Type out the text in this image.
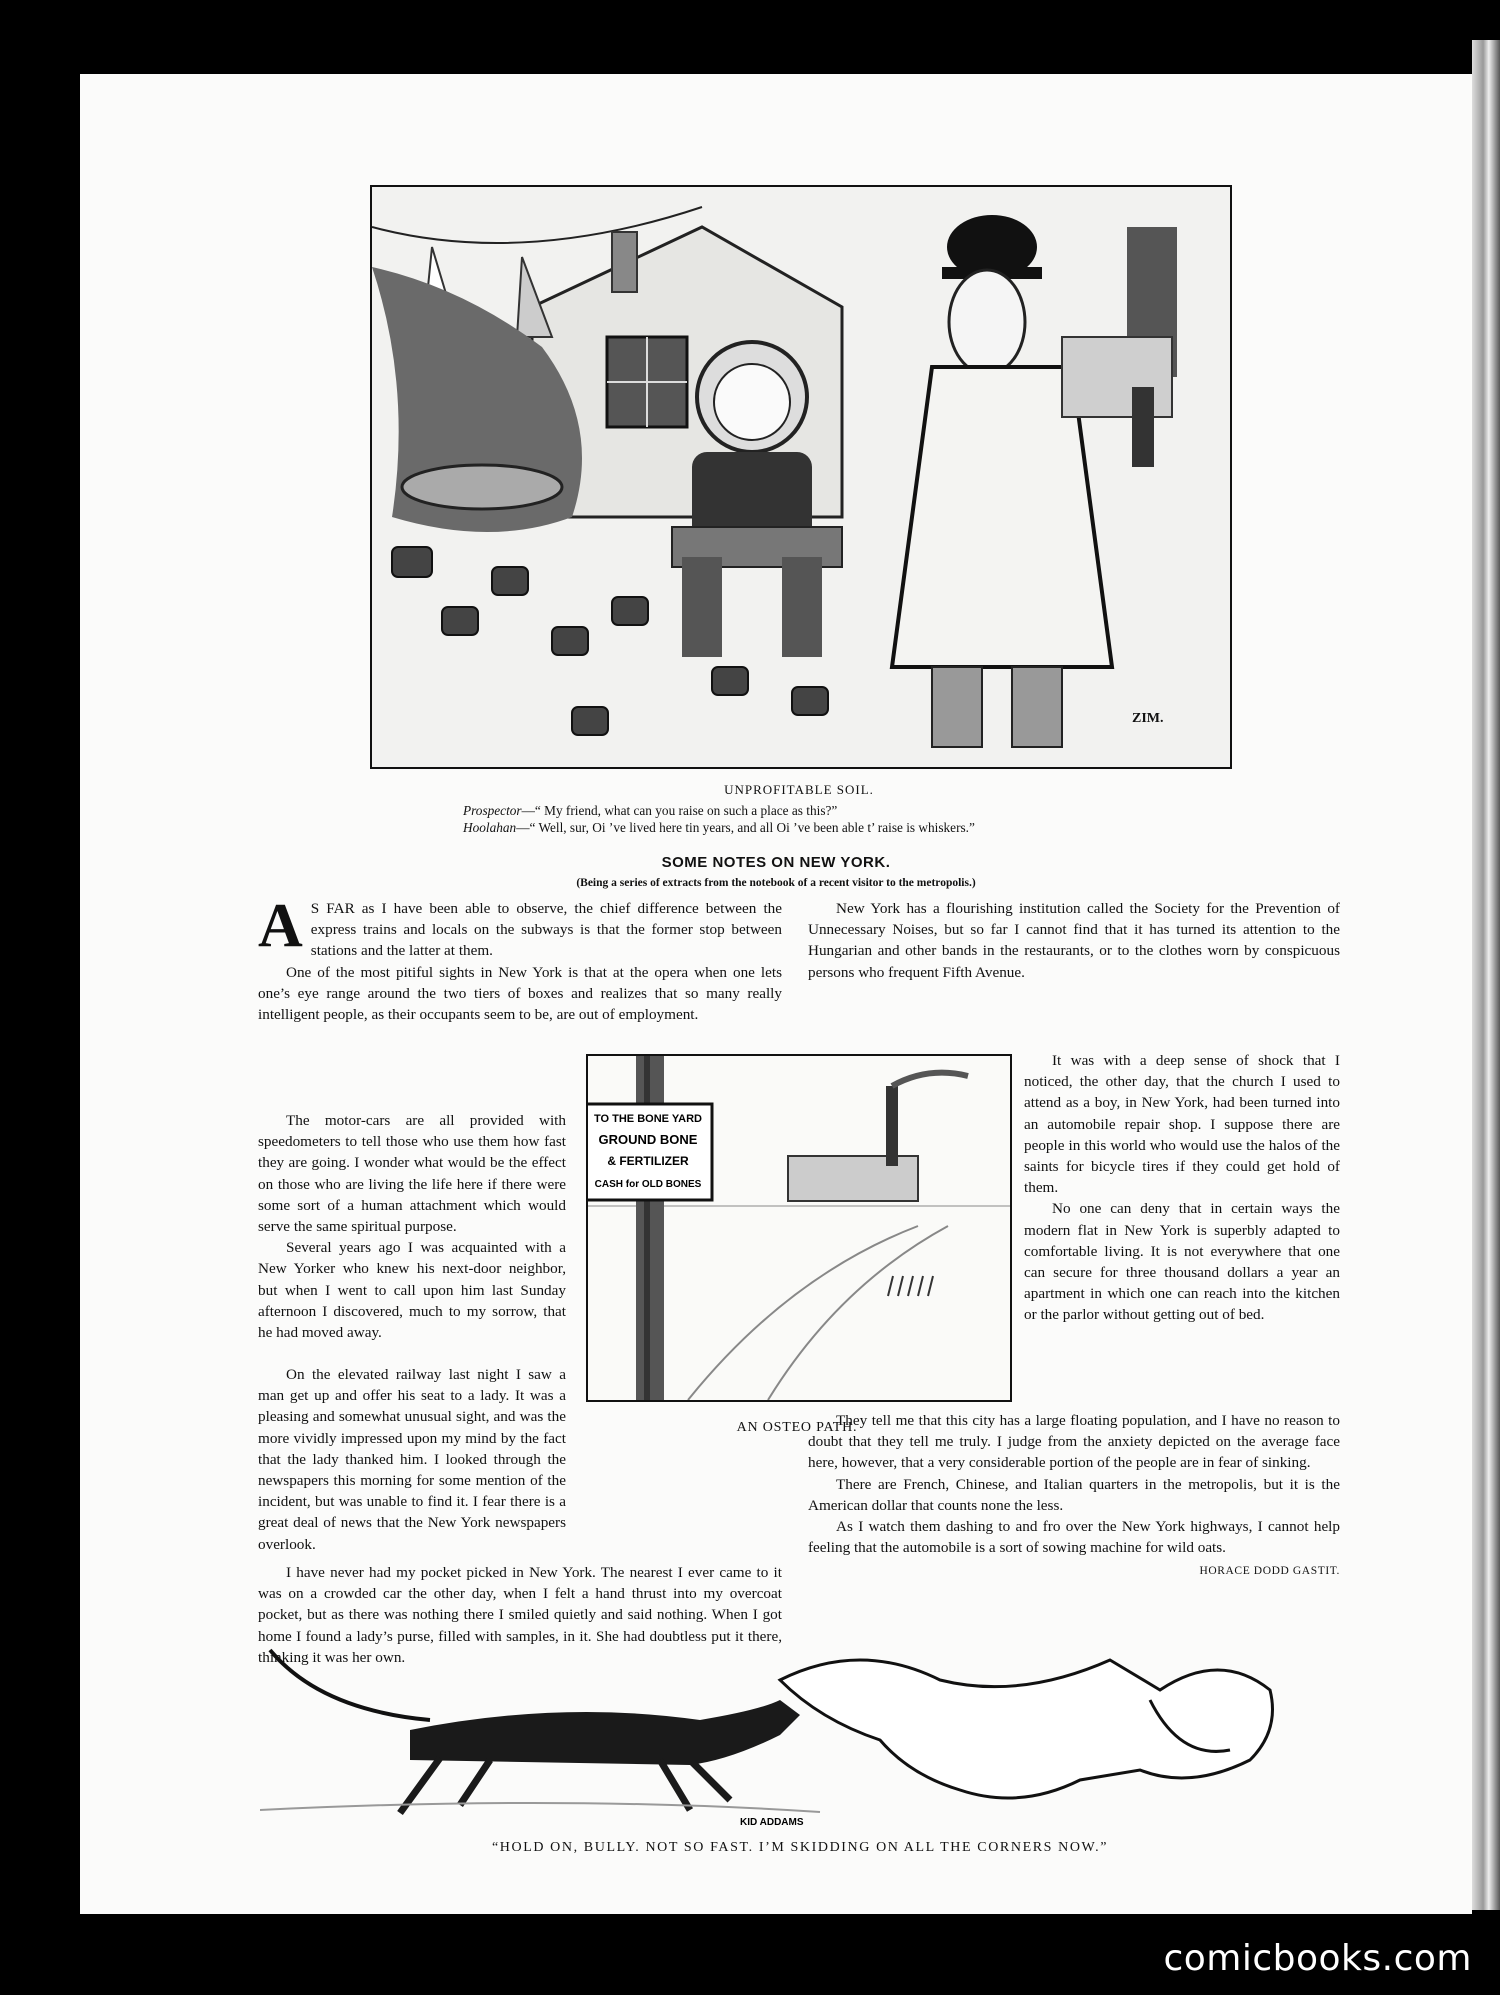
ZIM.
UNPROFITABLE SOIL.
Prospector—“ My friend, what can you raise on such a place as this?”
Hoolahan—“ Well, sur, Oi ’ve lived here tin years, and all Oi ’ve been able t’ raise is whiskers.”
SOME NOTES ON NEW YORK.
(Being a series of extracts from the notebook of a recent visitor to the metropolis.)

A S FAR as I have been able to observe, the chief difference between the express trains and locals on the subways is that the former stop between stations and the latter at them.

One of the most pitiful sights in New York is that at the opera when one lets one’s eye range around the two tiers of boxes and realizes that so many really intelligent people, as their occupants seem to be, are out of employment.

The motor-cars are all provided with speedometers to tell those who use them how fast they are going. I wonder what would be the effect on those who are living the life here if there were some sort of a human attachment which would serve the same spiritual purpose.

Several years ago I was acquainted with a New Yorker who knew his next-door neighbor, but when I went to call upon him last Sunday afternoon I discovered, much to my sorrow, that he had moved away.

On the elevated railway last night I saw a man get up and offer his seat to a lady. It was a pleasing and somewhat unusual sight, and was the more vividly impressed upon my mind by the fact that the lady thanked him. I looked through the newspapers this morning for some mention of the incident, but was unable to find it. I fear there is a great deal of news that the New York newspapers overlook.

I have never had my pocket picked in New York. The nearest I ever came to it was on a crowded car the other day, when I felt a hand thrust into my overcoat pocket, but as there was nothing there I smiled quietly and said nothing. When I got home I found a lady’s purse, filled with samples, in it. She had doubtless put it there, thinking it was her own.

New York has a flourishing institution called the Society for the Prevention of Unnecessary Noises, but so far I cannot find that it has turned its attention to the Hungarian and other bands in the restaurants, or to the clothes worn by conspicuous persons who frequent Fifth Avenue.

It was with a deep sense of shock that I noticed, the other day, that the church I used to attend as a boy, in New York, had been turned into an automobile repair shop. I suppose there are people in this world who would use the halos of the saints for bicycle tires if they could get hold of them.

No one can deny that in certain ways the modern flat in New York is superbly adapted to comfortable living. It is not everywhere that one can secure for three thousand dollars a year an apartment in which one can reach into the kitchen or the parlor without getting out of bed.

They tell me that this city has a large floating population, and I have no reason to doubt that they tell me truly. I judge from the anxiety depicted on the average face here, however, that a very considerable portion of the people are in fear of sinking.

There are French, Chinese, and Italian quarters in the metropolis, but it is the American dollar that counts none the less.

As I watch them dashing to and fro over the New York highways, I cannot help feeling that the automobile is a sort of sowing machine for wild oats.
HORACE DODD GASTIT.

TO THE BONE YARD
GROUND BONE
& FERTILIZER
CASH for OLD BONES
AN OSTEO PATH.
KID ADDAMS
“HOLD ON, BULLY. NOT SO FAST. I’M SKIDDING ON ALL THE CORNERS NOW.”
comicbooks.com
